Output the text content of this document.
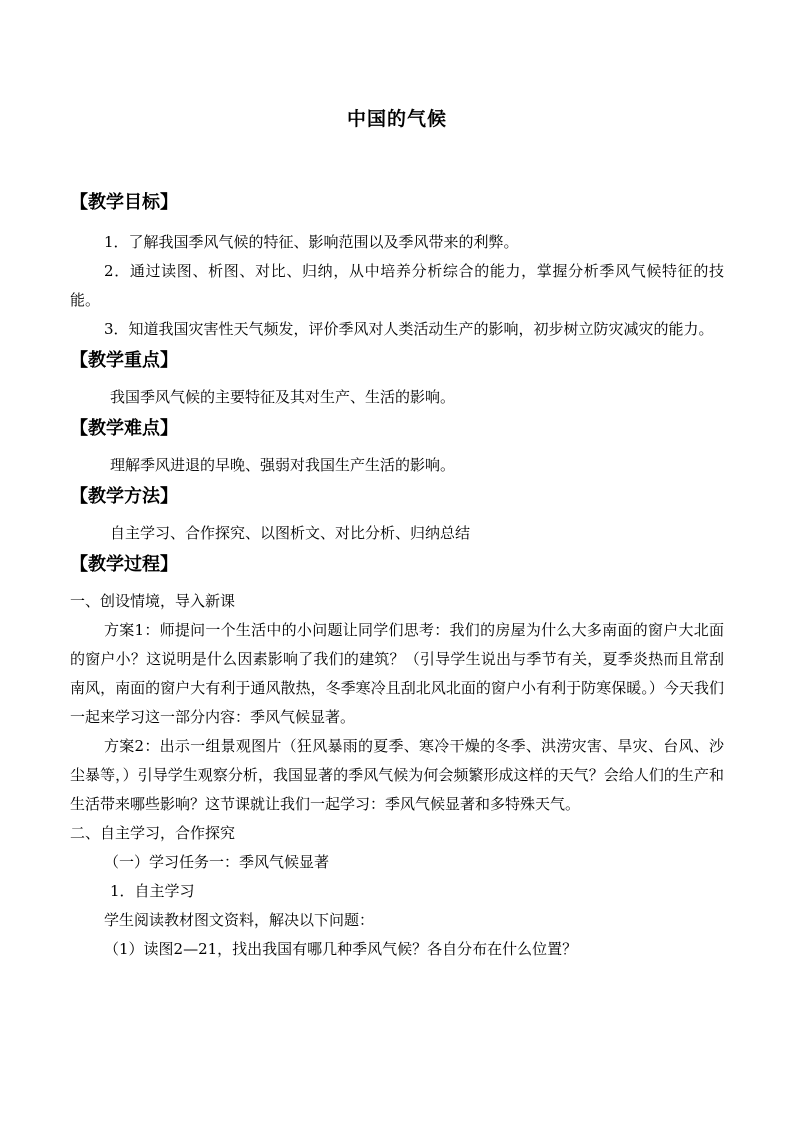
中国的气候
【教学目标】

1．了解我国季风气候的特征、影响范围以及季风带来的利弊。

2．通过读图、析图、对比、归纳，从中培养分析综合的能力，掌握分析季风气候特征的技能。

3．知道我国灾害性天气频发，评价季风对人类活动生产的影响，初步树立防灾减灾的能力。

【教学重点】

我国季风气候的主要特征及其对生产、生活的影响。

【教学难点】

理解季风进退的早晚、强弱对我国生产生活的影响。

【教学方法】

自主学习、合作探究、以图析文、对比分析、归纳总结

【教学过程】

一、创设情境，导入新课

方案1：师提问一个生活中的小问题让同学们思考：我们的房屋为什么大多南面的窗户大北面的窗户小？这说明是什么因素影响了我们的建筑？（引导学生说出与季节有关，夏季炎热而且常刮南风，南面的窗户大有利于通风散热，冬季寒冷且刮北风北面的窗户小有利于防寒保暖。）今天我们一起来学习这一部分内容：季风气候显著。

方案2：出示一组景观图片（狂风暴雨的夏季、寒冷干燥的冬季、洪涝灾害、旱灾、台风、沙尘暴等，）引导学生观察分析，我国显著的季风气候为何会频繁形成这样的天气？会给人们的生产和生活带来哪些影响？这节课就让我们一起学习：季风气候显著和多特殊天气。

二、自主学习，合作探究

（一）学习任务一：季风气候显著

1．自主学习

学生阅读教材图文资料，解决以下问题：

（1）读图2—21，找出我国有哪几种季风气候？各自分布在什么位置？
